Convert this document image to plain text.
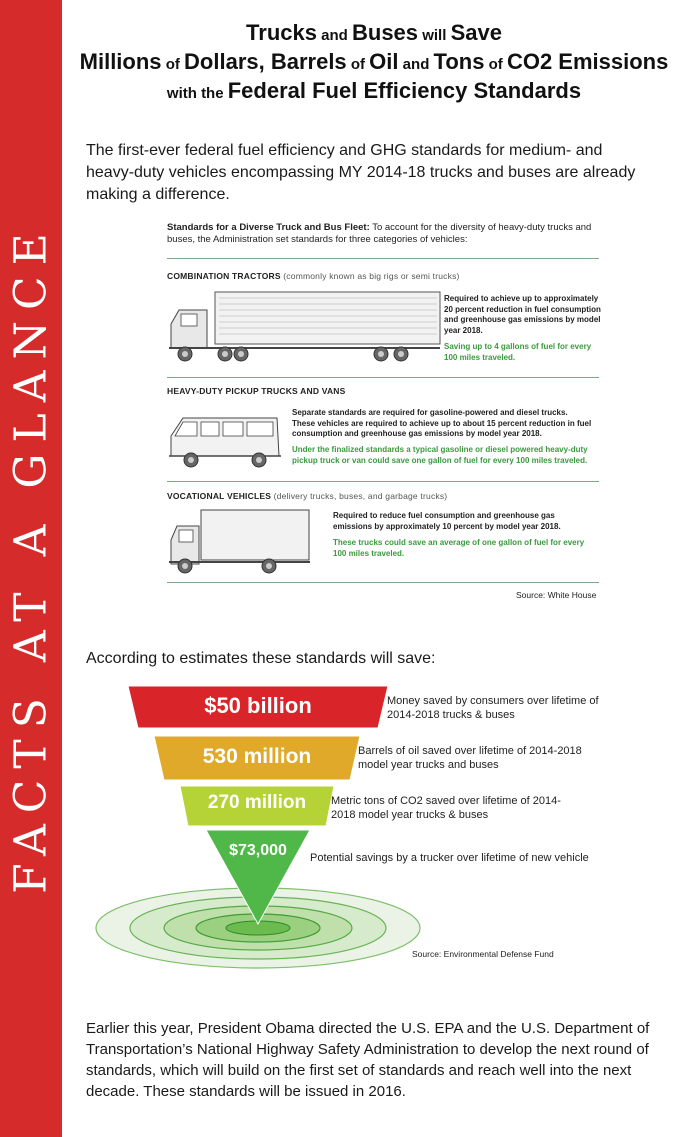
FACTS AT A GLANCE
Trucks and Buses will Save
Millions of Dollars, Barrels of Oil and Tons of CO2 Emissions
with the Federal Fuel Efficiency Standards
The first-ever federal fuel efficiency and GHG standards for medium- and heavy-duty vehicles encompassing MY 2014-18 trucks and buses are already making a difference.
Standards for a Diverse Truck and Bus Fleet: To account for the diversity of heavy-duty trucks and buses, the Administration set standards for three categories of vehicles:
COMBINATION TRACTORS (commonly known as big rigs or semi trucks)
Required to achieve up to approximately 20 percent reduction in fuel consumption and greenhouse gas emissions by model year 2018.
Saving up to 4 gallons of fuel for every 100 miles traveled.
HEAVY-DUTY PICKUP TRUCKS AND VANS
Separate standards are required for gasoline-powered and diesel trucks. These vehicles are required to achieve up to about 15 percent reduction in fuel consumption and greenhouse gas emissions by model year 2018.
Under the finalized standards a typical gasoline or diesel powered heavy-duty pickup truck or van could save one gallon of fuel for every 100 miles traveled.
VOCATIONAL VEHICLES (delivery trucks, buses, and garbage trucks)
Required to reduce fuel consumption and greenhouse gas emissions by approximately 10 percent by model year 2018.
These trucks could save an average of one gallon of fuel for every 100 miles traveled.
Source: White House
According to estimates these standards will save:
$50 billion
530 million
270 million
$73,000
Money saved by consumers over lifetime of 2014-2018 trucks & buses
Barrels of oil saved over lifetime of 2014-2018 model year trucks and buses
Metric tons of CO2 saved over lifetime of 2014-2018 model year trucks & buses
Potential savings by a trucker over lifetime of new vehicle
Source: Environmental Defense Fund
Earlier this year, President Obama directed the U.S. EPA and the U.S. Department of Transportation’s National Highway Safety Administration to develop the next round of standards, which will build on the first set of standards and reach well into the next decade. These standards will be issued in 2016.
